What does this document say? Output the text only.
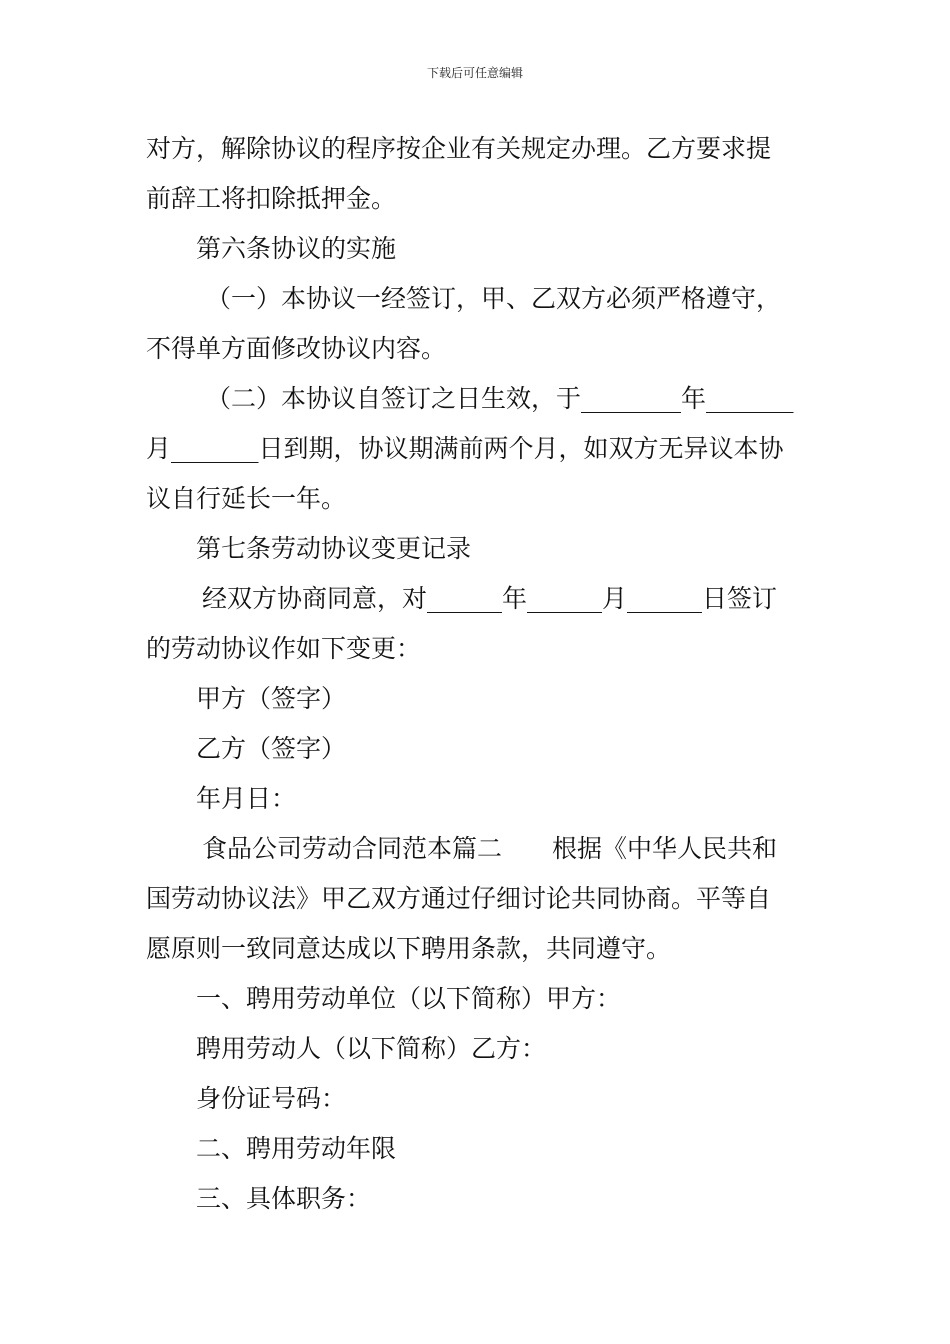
下载后可任意编辑
对方，解除协议的程序按企业有关规定办理。乙方要求提
前辞工将扣除抵押金。
第六条协议的实施
（一）本协议一经签订，甲、乙双方必须严格遵守，
不得单方面修改协议内容。
（二）本协议自签订之日生效，于________年_______
月_______日到期，协议期满前两个月，如双方无异议本协
议自行延长一年。
第七条劳动协议变更记录
经双方协商同意，对______年______月______日签订
的劳动协议作如下变更：
甲方（签字）
乙方（签字）
年月日：
食品公司劳动合同范本篇二　　根据《中华人民共和
国劳动协议法》甲乙双方通过仔细讨论共同协商。平等自
愿原则一致同意达成以下聘用条款，共同遵守。
一、聘用劳动单位（以下简称）甲方：
聘用劳动人（以下简称）乙方：
身份证号码：
二、聘用劳动年限
三、具体职务：
